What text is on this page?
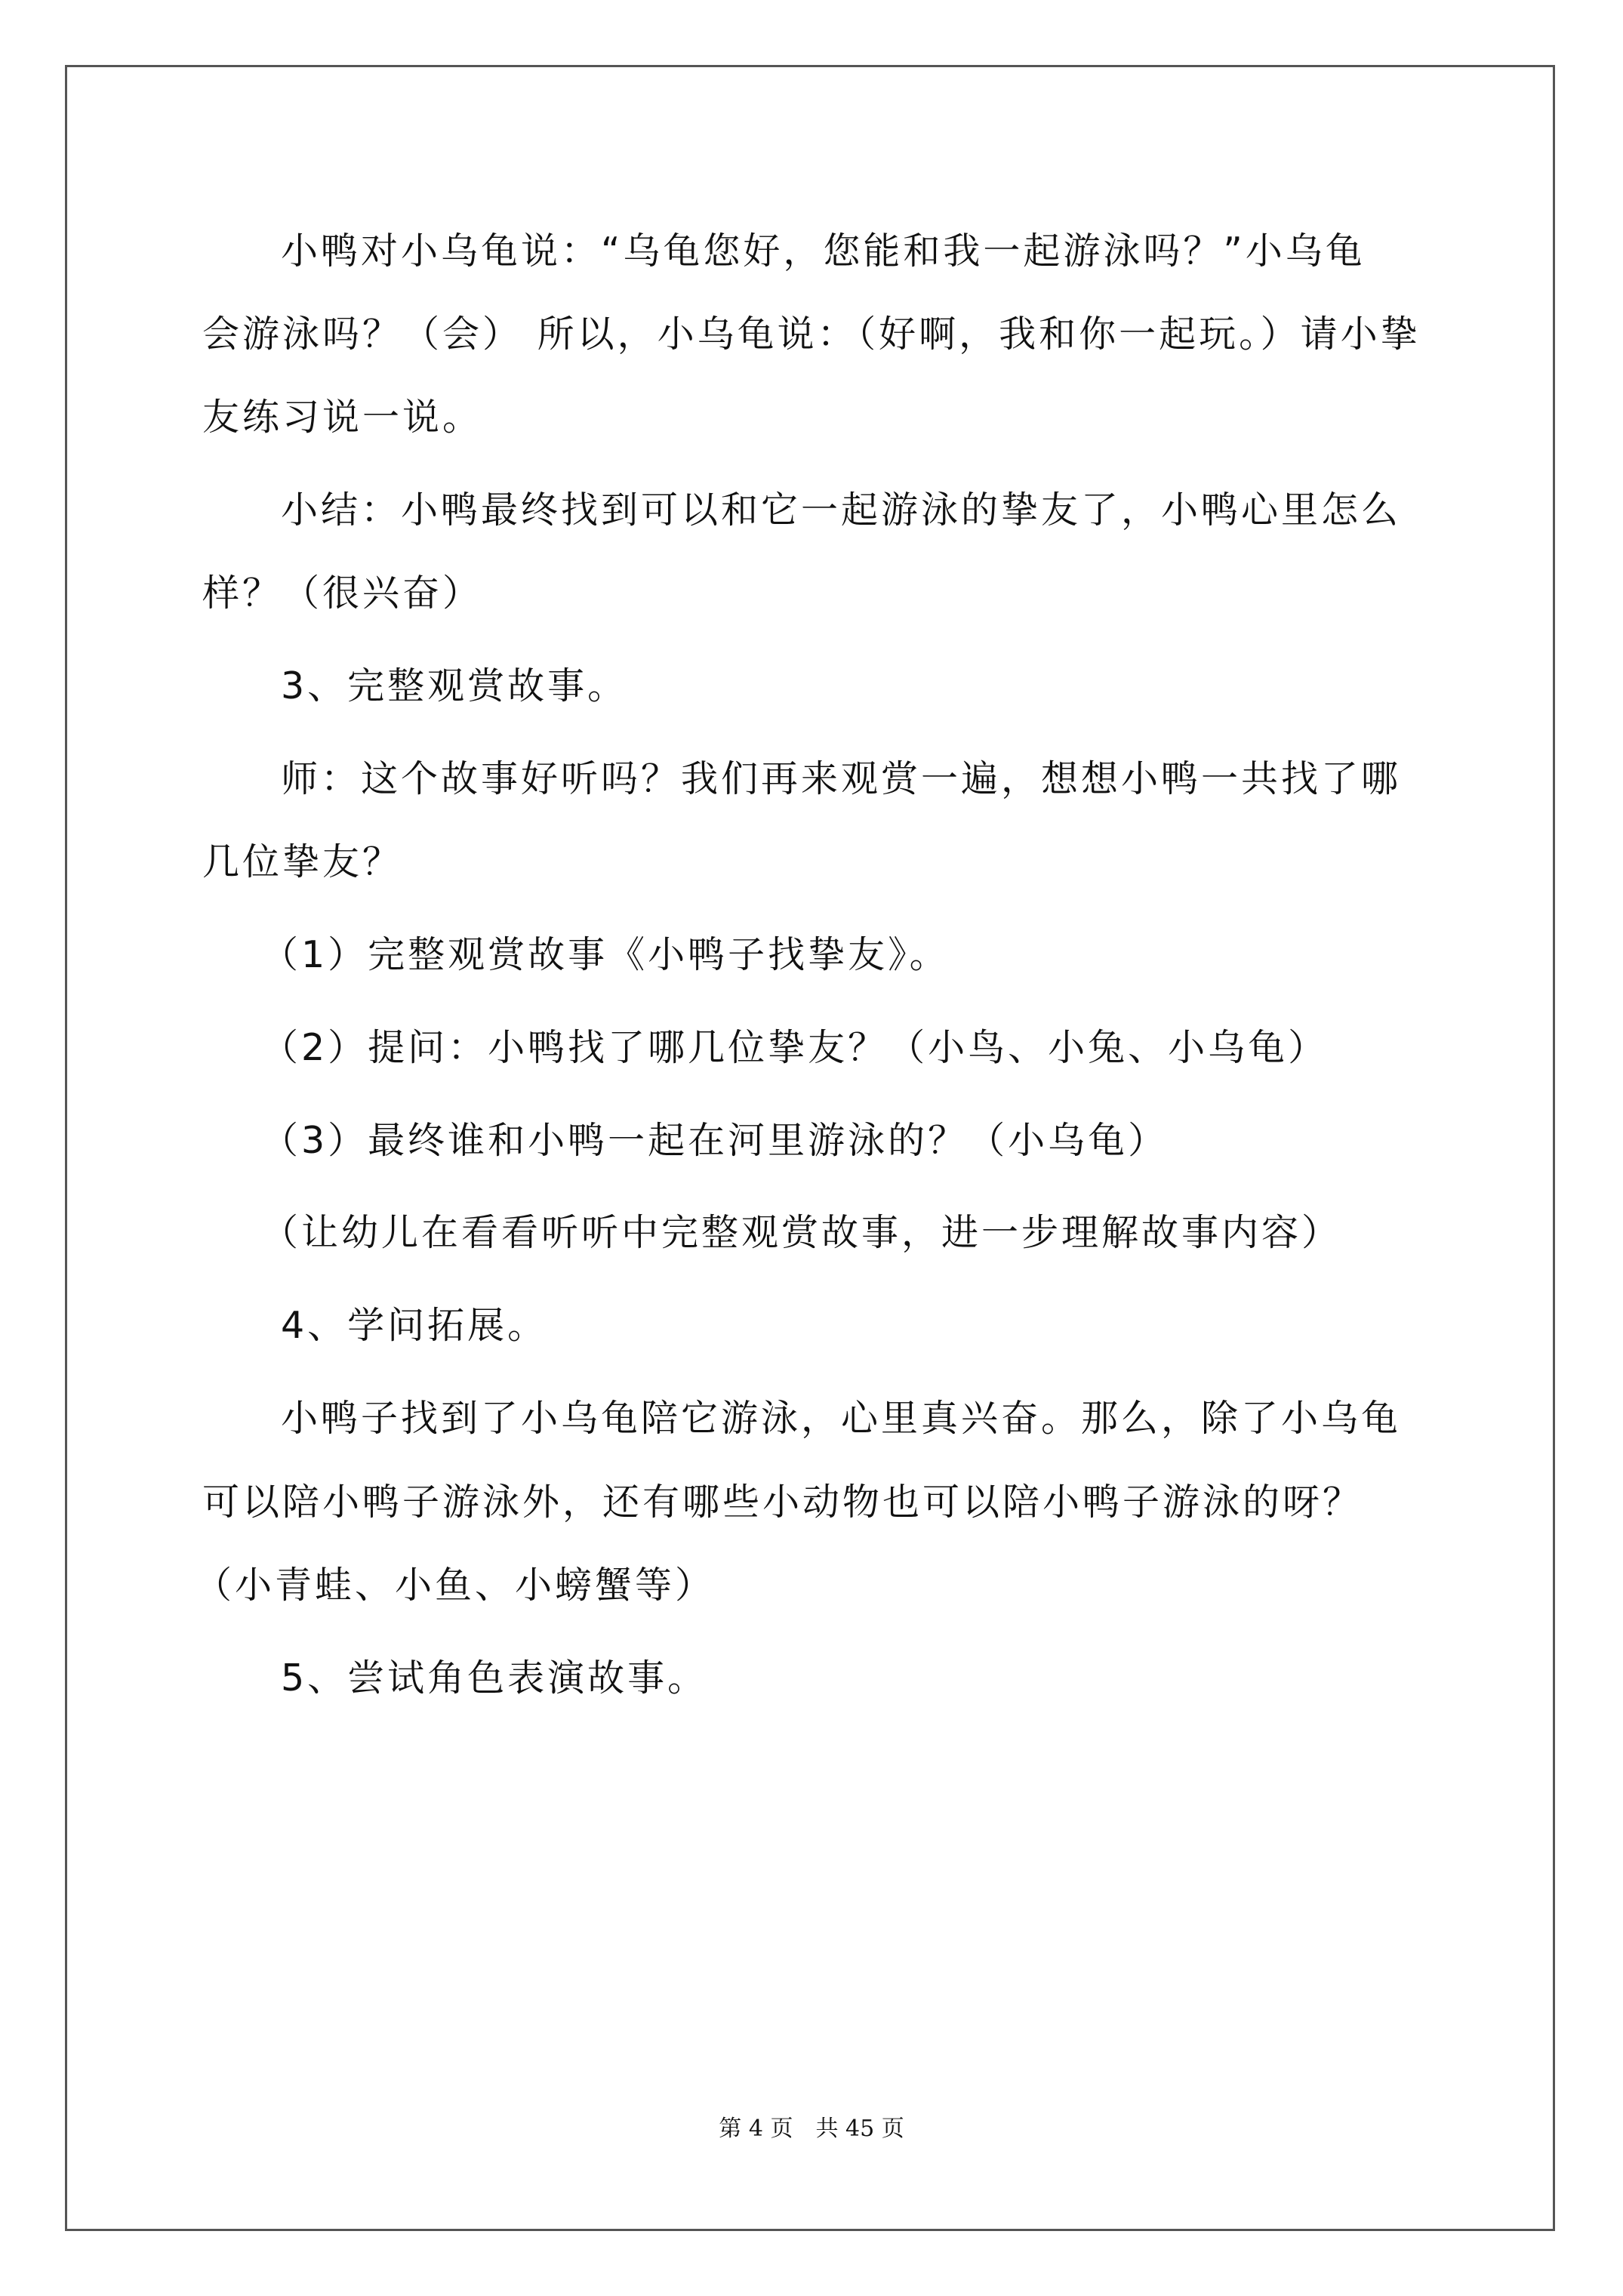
小鸭对小乌龟说：“乌龟您好，您能和我一起游泳吗？”小乌龟

会游泳吗？（会） 所以，小乌龟说：（好啊，我和你一起玩。）请小挚

友练习说一说。

小结：小鸭最终找到可以和它一起游泳的挚友了，小鸭心里怎么

样？（很兴奋）

3、完整观赏故事。

师：这个故事好听吗？我们再来观赏一遍，想想小鸭一共找了哪

几位挚友？

（1）完整观赏故事《小鸭子找挚友》。

（2）提问：小鸭找了哪几位挚友？（小鸟、小兔、小乌龟）

（3）最终谁和小鸭一起在河里游泳的？（小乌龟）

（让幼儿在看看听听中完整观赏故事，进一步理解故事内容）

4、学问拓展。

小鸭子找到了小乌龟陪它游泳，心里真兴奋。那么，除了小乌龟

可以陪小鸭子游泳外，还有哪些小动物也可以陪小鸭子游泳的呀？

（小青蛙、小鱼、小螃蟹等）

5、尝试角色表演故事。

第 4 页　共 45 页
